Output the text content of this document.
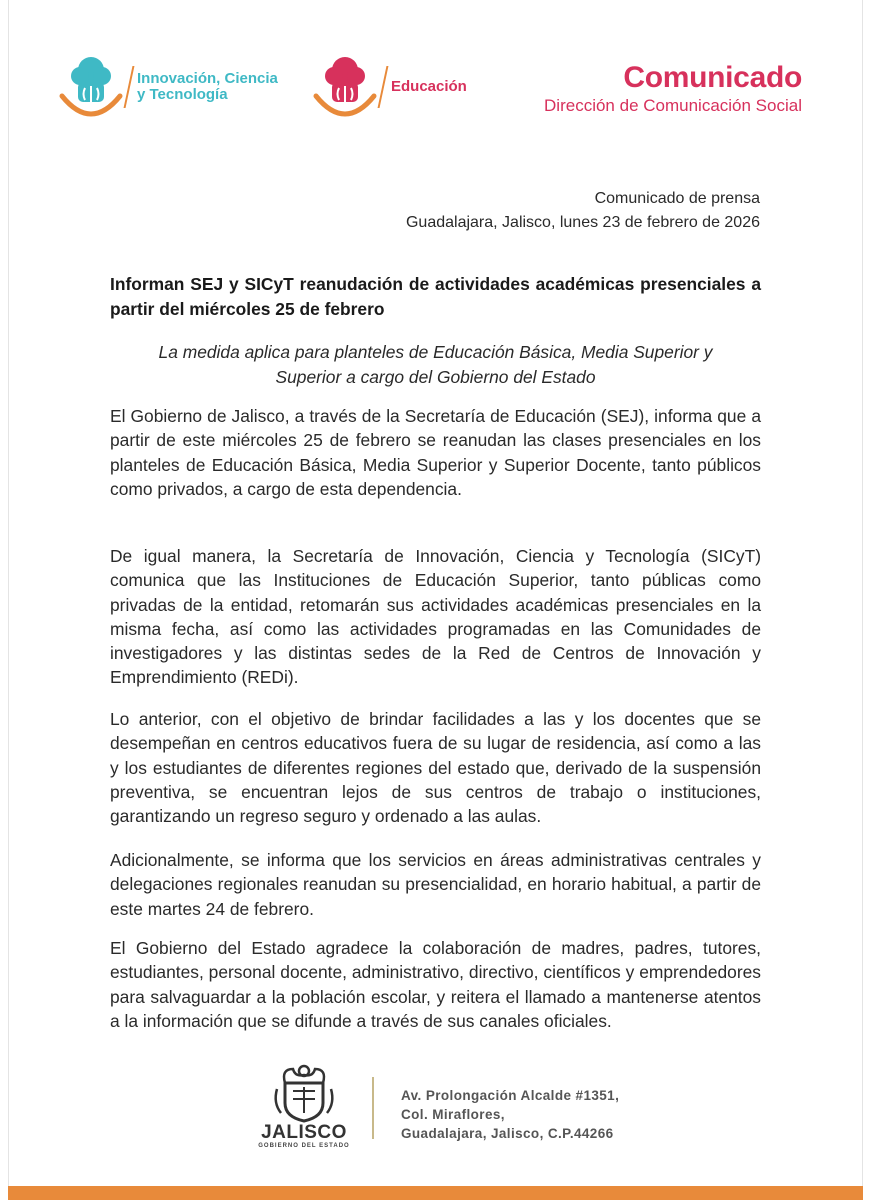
Innovación, Ciencia
y Tecnología	Educación	Comunicado
Dirección de Comunicación Social
Comunicado de prensa
Guadalajara, Jalisco, lunes 23 de febrero de 2026
Informan SEJ y SICyT reanudación de actividades académicas presenciales a partir del miércoles 25 de febrero
La medida aplica para planteles de Educación Básica, Media Superior y
Superior a cargo del Gobierno del Estado
El Gobierno de Jalisco, a través de la Secretaría de Educación (SEJ), informa que a partir de este miércoles 25 de febrero se reanudan las clases presenciales en los planteles de Educación Básica, Media Superior y Superior Docente, tanto públicos como privados, a cargo de esta dependencia.
De igual manera, la Secretaría de Innovación, Ciencia y Tecnología (SICyT) comunica que las Instituciones de Educación Superior, tanto públicas como privadas de la entidad, retomarán sus actividades académicas presenciales en la misma fecha, así como las actividades programadas en las Comunidades de investigadores y las distintas sedes de la Red de Centros de Innovación y Emprendimiento (REDi).
Lo anterior, con el objetivo de brindar facilidades a las y los docentes que se desempeñan en centros educativos fuera de su lugar de residencia, así como a las y los estudiantes de diferentes regiones del estado que, derivado de la suspensión preventiva, se encuentran lejos de sus centros de trabajo o instituciones, garantizando un regreso seguro y ordenado a las aulas.
Adicionalmente, se informa que los servicios en áreas administrativas centrales y delegaciones regionales reanudan su presencialidad, en horario habitual, a partir de este martes 24 de febrero.
El Gobierno del Estado agradece la colaboración de madres, padres, tutores, estudiantes, personal docente, administrativo, directivo, científicos y emprendedores para salvaguardar a la población escolar, y reitera el llamado a mantenerse atentos a la información que se difunde a través de sus canales oficiales.
JALISCO
GOBIERNO DEL ESTADO
Av. Prolongación Alcalde #1351,
Col. Miraflores,
Guadalajara, Jalisco, C.P.44266
